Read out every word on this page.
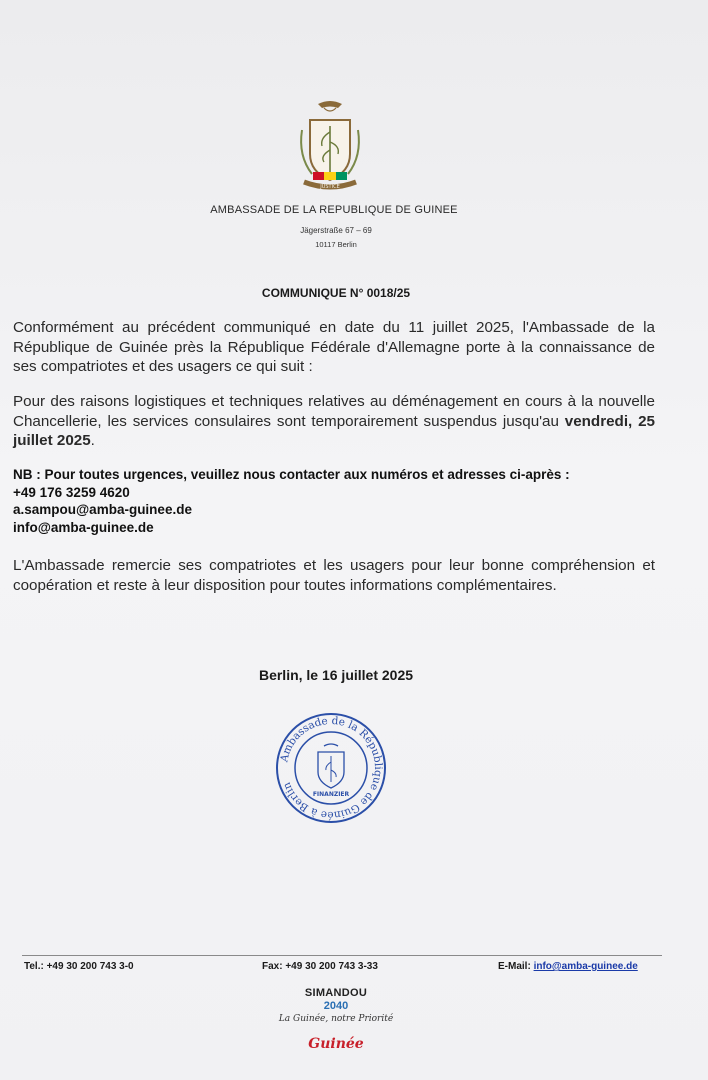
JUSTICE
AMBASSADE DE LA REPUBLIQUE DE GUINEE
Jägerstraße 67 – 69
10117 Berlin
COMMUNIQUE N° 0018/25
Conformément au précédent communiqué en date du 11 juillet 2025, l'Ambassade de la République de Guinée près la République Fédérale d'Allemagne porte à la connaissance de ses compatriotes et des usagers ce qui suit :
Pour des raisons logistiques et techniques relatives au déménagement en cours à la nouvelle Chancellerie, les services consulaires sont temporairement suspendus jusqu'au vendredi, 25 juillet 2025.
NB : Pour toutes urgences, veuillez nous contacter aux numéros et adresses ci-après :
+49 176 3259 4620
a.sampou@amba-guinee.de
info@amba-guinee.de
L'Ambassade remercie ses compatriotes et les usagers pour leur bonne compréhension et coopération et reste à leur disposition pour toutes informations complémentaires.
Berlin, le 16 juillet 2025
Ambassade de la République de Guinée à Berlin
FINANZIER
Tel.: +49 30 200 743 3-0	Fax: +49 30 200 743 3-33	E-Mail: info@amba-guinee.de
SIMANDOU
2040
La Guinée, notre Priorité
Guinée
